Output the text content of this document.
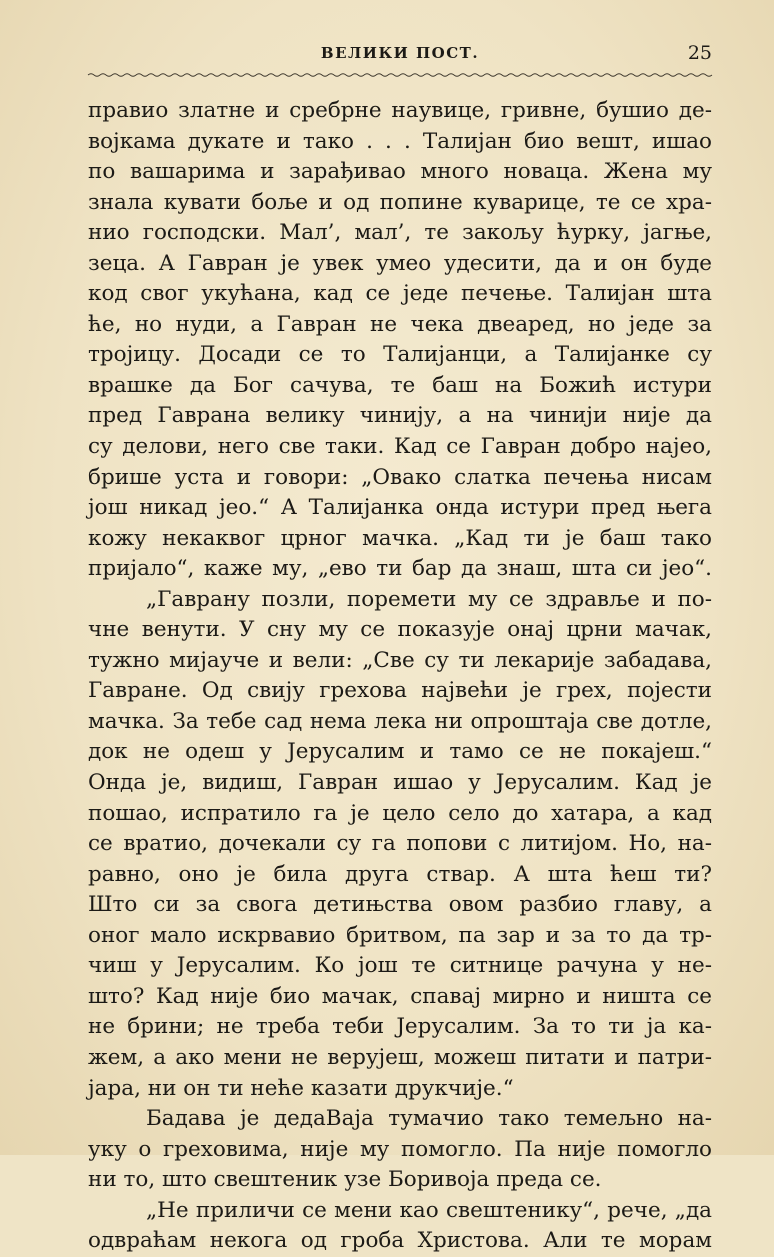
ВЕЛИКИ ПОСТ.	25
правио златне и сребрне наувице, гривне, бушио де-
војкама дукате и тако . . . Талијан био вешт, ишао
по вашарима и зарађивао много новаца. Жена му
знала кувати боље и од попине куварице, те се хра-
нио господски. Мал’, мал’, те закољу ћурку, јагње,
зеца. А Гавран је увек умео удесити, да и он буде
код свог укућана, кад се једе печење. Талијан шта
ће, но нуди, а Гавран не чека двеаред, но једе за
тројицу. Досади се то Талијанци, а Талијанке су
врашке да Бог сачува, те баш на Божић истури
пред Гаврана велику чинију, а на чинији није да
су делови, него све таки. Кад се Гавран добро најео,
брише уста и говори: „Овако слатка печења нисам
још никад јео.“ А Талијанка онда истури пред њега
кожу некаквог црног мачка. „Кад ти је баш тако
пријало“, каже му, „ево ти бар да знаш, шта си јео“.
„Гаврану позли, поремети му се здравље и по-
чне венути. У сну му се показује онај црни мачак,
тужно мијауче и вели: „Све су ти лекарије забадава,
Гавране. Од свију грехова највећи је грех, појести
мачка. За тебе сад нема лека ни опроштаја све дотле,
док не одеш у Јерусалим и тамо се не покајеш.“
Онда је, видиш, Гавран ишао у Јерусалим. Кад је
пошао, испратило га је цело село до хатара, а кад
се вратио, дочекали су га попови с литијом. Но, на-
равно, оно је била друга ствар. А шта ћеш ти?
Што си за свога детињства овом разбио главу, а
оног мало искрвавио бритвом, па зар и за то да тр-
чиш у Јерусалим. Ко још те ситнице рачуна у не-
што? Кад није био мачак, спавај мирно и ништа се
не брини; не треба теби Јерусалим. За то ти ја ка-
жем, а ако мени не верујеш, можеш питати и патри-
јара, ни он ти неће казати друкчије.“
Бадава је дедаВаја тумачио тако темељно на-
уку о греховима, није му помогло. Па није помогло
ни то, што свештеник узе Боривоја преда се.
„Не приличи се мени као свештенику“, рече, „да
одвраћам некога од гроба Христова. Али те морам
